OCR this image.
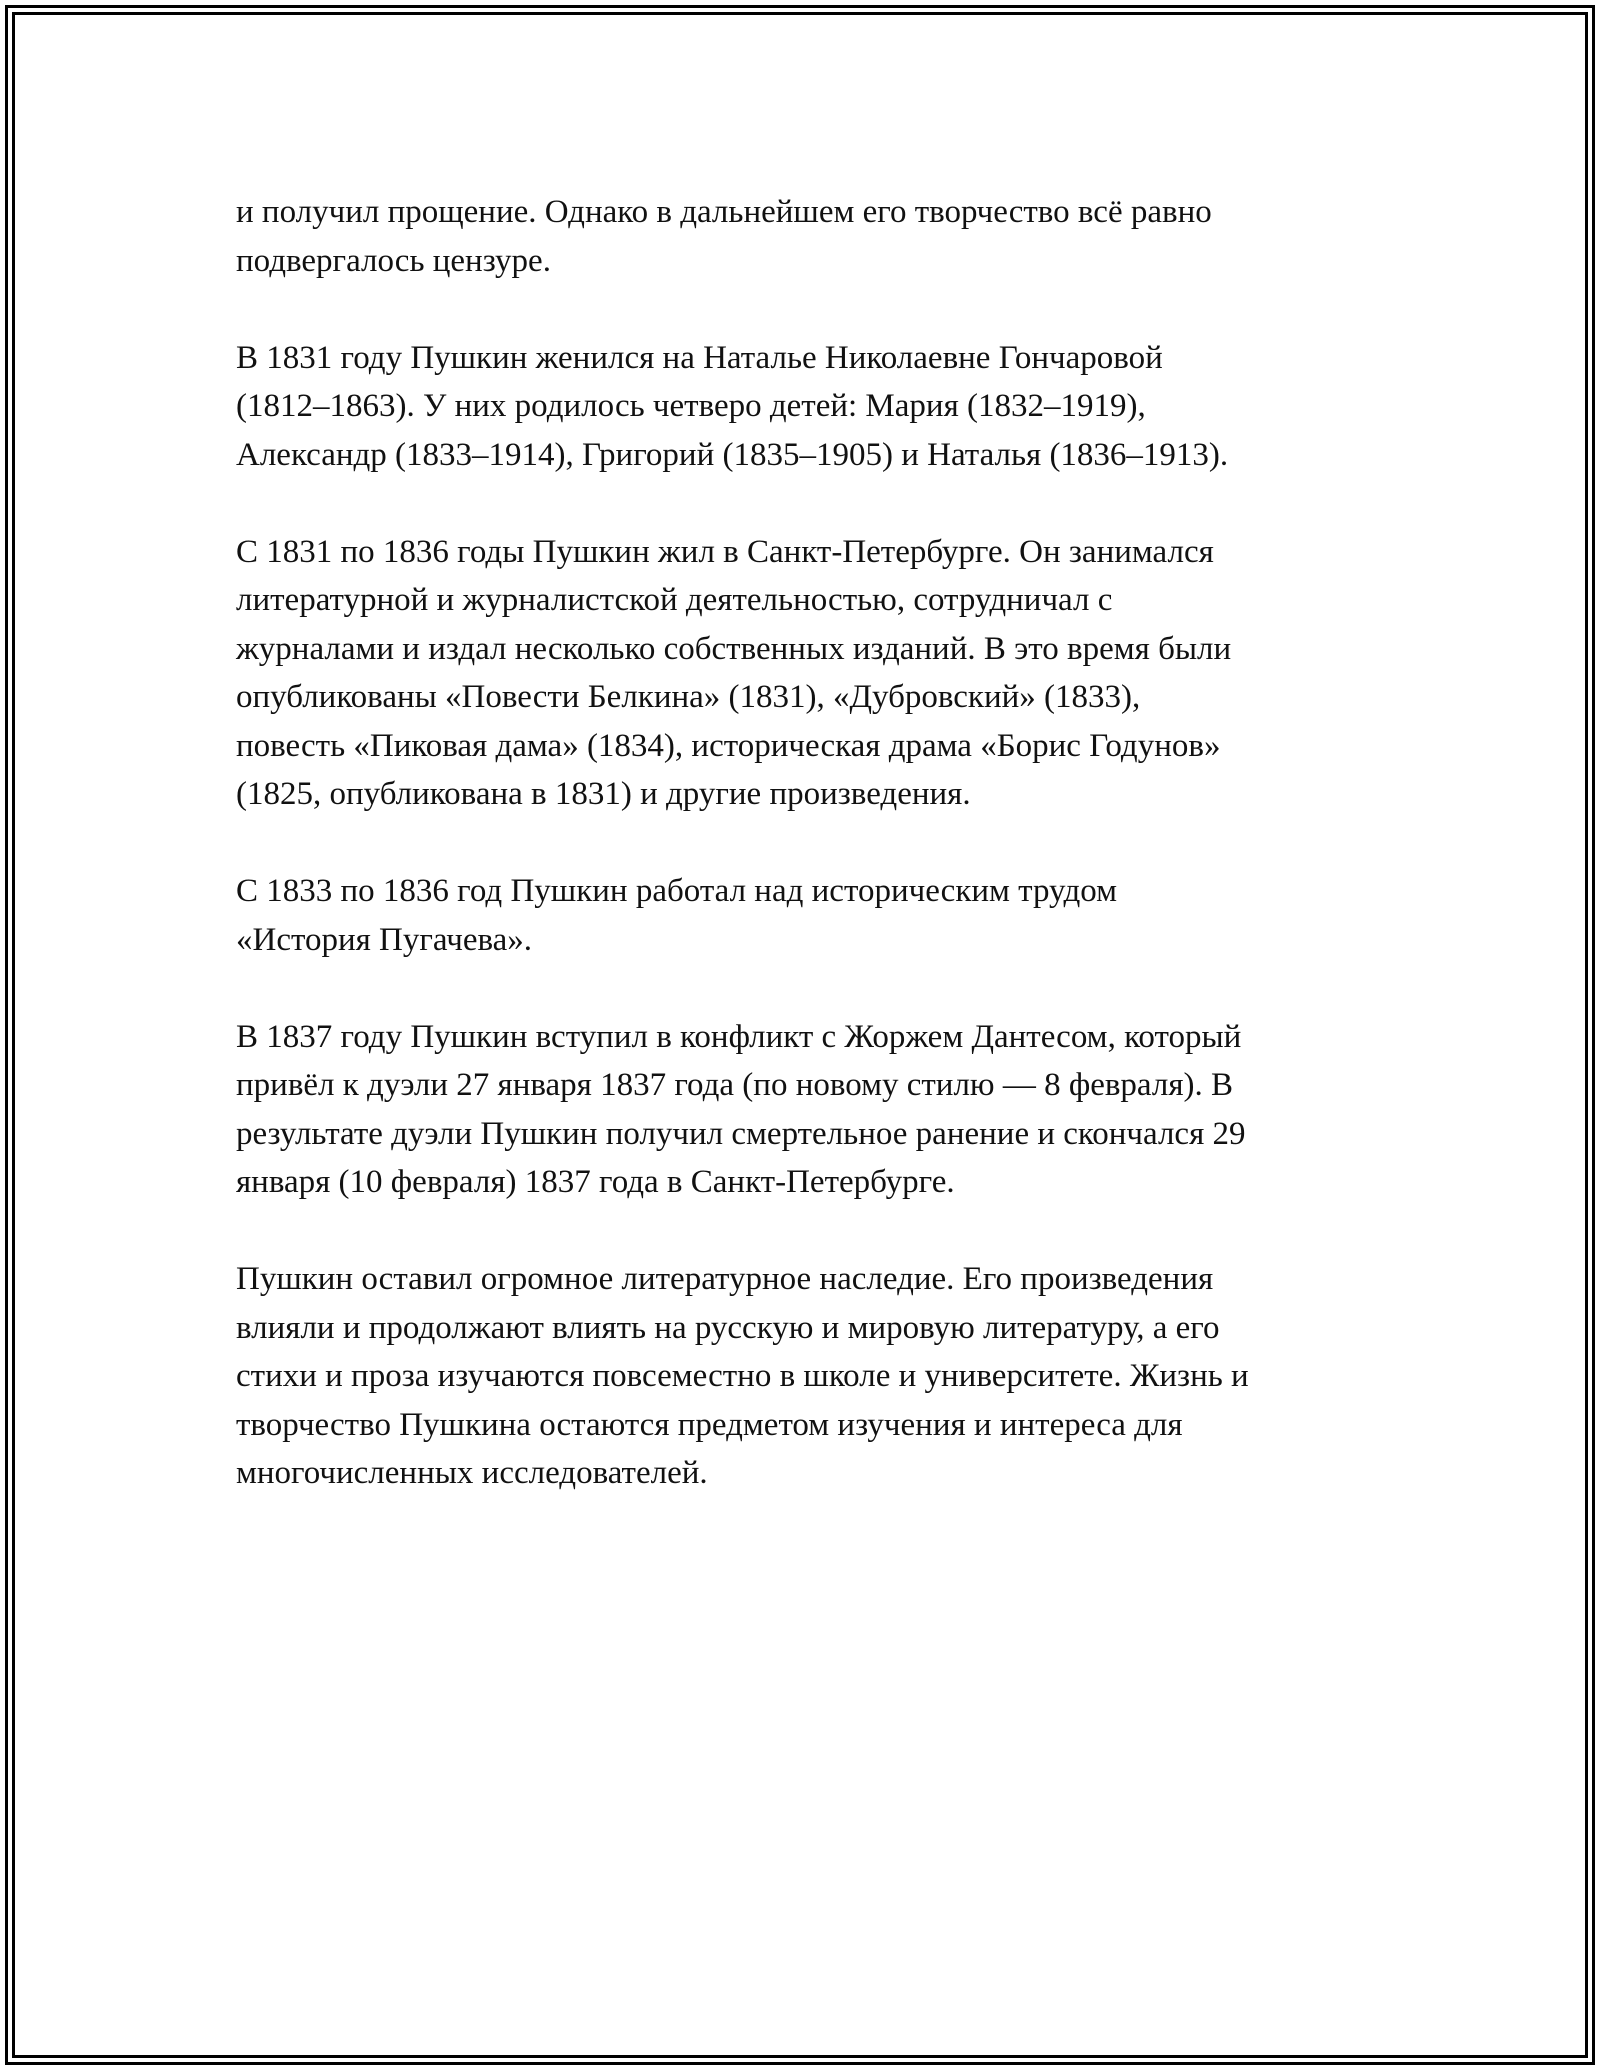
и получил прощение. Однако в дальнейшем его творчество всё равно
подвергалось цензуре.

В 1831 году Пушкин женился на Наталье Николаевне Гончаровой
(1812–1863). У них родилось четверо детей: Мария (1832–1919),
Александр (1833–1914), Григорий (1835–1905) и Наталья (1836–1913).

С 1831 по 1836 годы Пушкин жил в Санкт-Петербурге. Он занимался
литературной и журналистской деятельностью, сотрудничал с
журналами и издал несколько собственных изданий. В это время были
опубликованы «Повести Белкина» (1831), «Дубровский» (1833),
повесть «Пиковая дама» (1834), историческая драма «Борис Годунов»
(1825, опубликована в 1831) и другие произведения.

С 1833 по 1836 год Пушкин работал над историческим трудом
«История Пугачева».

В 1837 году Пушкин вступил в конфликт с Жоржем Дантесом, который
привёл к дуэли 27 января 1837 года (по новому стилю — 8 февраля). В
результате дуэли Пушкин получил смертельное ранение и скончался 29
января (10 февраля) 1837 года в Санкт-Петербурге.

Пушкин оставил огромное литературное наследие. Его произведения
влияли и продолжают влиять на русскую и мировую литературу, а его
стихи и проза изучаются повсеместно в школе и университете. Жизнь и
творчество Пушкина остаются предметом изучения и интереса для
многочисленных исследователей.
